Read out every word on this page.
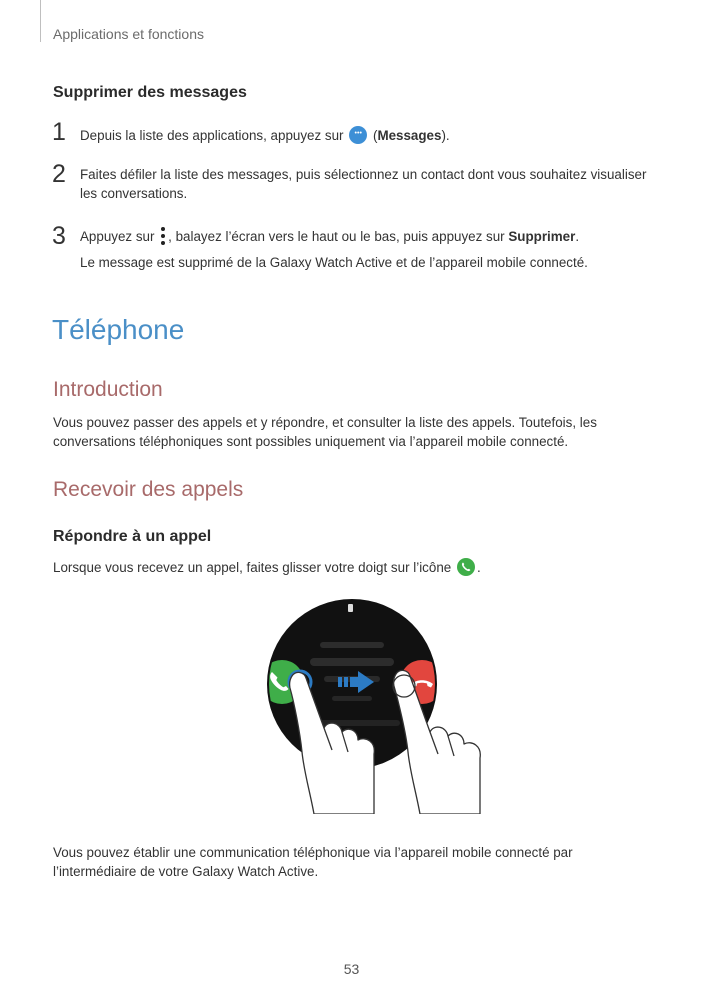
Applications et fonctions
Supprimer des messages
1 Depuis la liste des applications, appuyez sur ••• (Messages).
2 Faites défiler la liste des messages, puis sélectionnez un contact dont vous souhaitez visualiser
les conversations.
3 Appuyez sur , balayez l’écran vers le haut ou le bas, puis appuyez sur Supprimer.
Le message est supprimé de la Galaxy Watch Active et de l’appareil mobile connecté.
Téléphone
Introduction
Vous pouvez passer des appels et y répondre, et consulter la liste des appels. Toutefois, les
conversations téléphoniques sont possibles uniquement via l’appareil mobile connecté.
Recevoir des appels
Répondre à un appel
Lorsque vous recevez un appel, faites glisser votre doigt sur l’icône .
Vous pouvez établir une communication téléphonique via l’appareil mobile connecté par
l’intermédiaire de votre Galaxy Watch Active.
53
